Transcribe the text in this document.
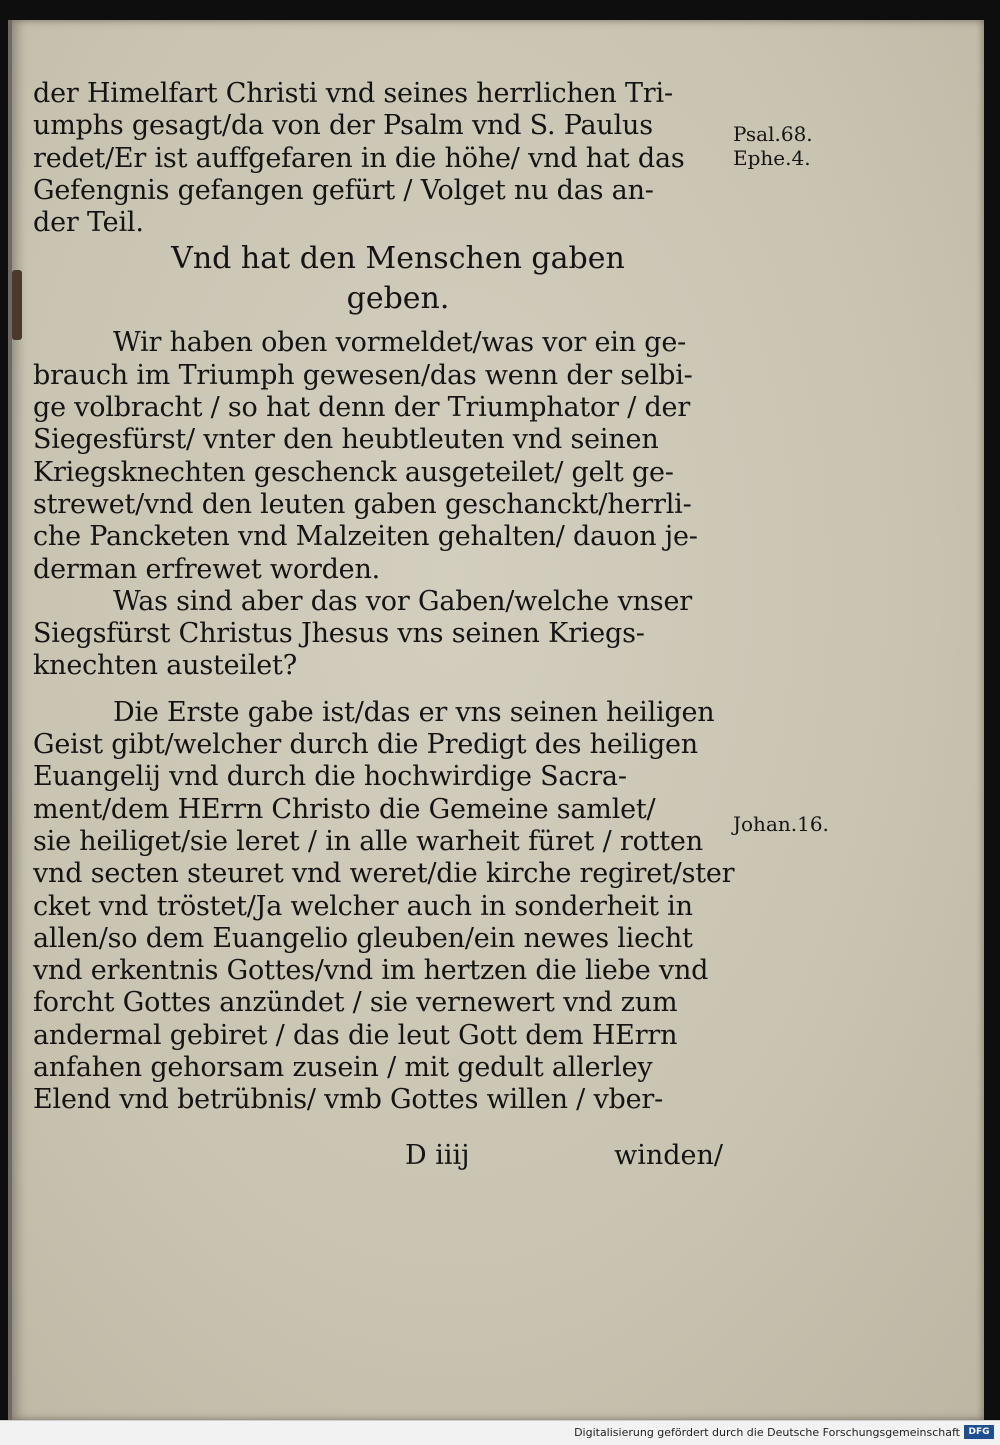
der Himelfart Christi vnd seines herrlichen Tri-
umphs gesagt/da von der Psalm vnd S. Paulus
redet/Er ist auffgefaren in die höhe/ vnd hat das
Gefengnis gefangen gefürt / Volget nu das an-
der Teil.
Vnd hat den Menschen gaben
geben.
Wir haben oben vormeldet/was vor ein ge-
brauch im Triumph gewesen/das wenn der selbi-
ge volbracht / so hat denn der Triumphator / der
Siegesfürst/ vnter den heubtleuten vnd seinen
Kriegsknechten geschenck ausgeteilet/ gelt ge-
strewet/vnd den leuten gaben geschanckt/herrli-
che Pancketen vnd Malzeiten gehalten/ dauon je-
derman erfrewet worden.
Was sind aber das vor Gaben/welche vnser
Siegsfürst Christus Jhesus vns seinen Kriegs-
knechten austeilet?
Die Erste gabe ist/das er vns seinen heiligen
Geist gibt/welcher durch die Predigt des heiligen
Euangelij vnd durch die hochwirdige Sacra-
ment/dem HErrn Christo die Gemeine samlet/
sie heiliget/sie leret / in alle warheit füret / rotten
vnd secten steuret vnd weret/die kirche regiret/ster
cket vnd tröstet/Ja welcher auch in sonderheit in
allen/so dem Euangelio gleuben/ein newes liecht
vnd erkentnis Gottes/vnd im hertzen die liebe vnd
forcht Gottes anzündet / sie vernewert vnd zum
andermal gebiret / das die leut Gott dem HErrn
anfahen gehorsam zusein / mit gedult allerley
Elend vnd betrübnis/ vmb Gottes willen / vber-
D iiij	winden/
Psal.68.
Ephe.4.
Johan.16.
Digitalisierung gefördert durch die Deutsche Forschungsgemeinschaft DFG
